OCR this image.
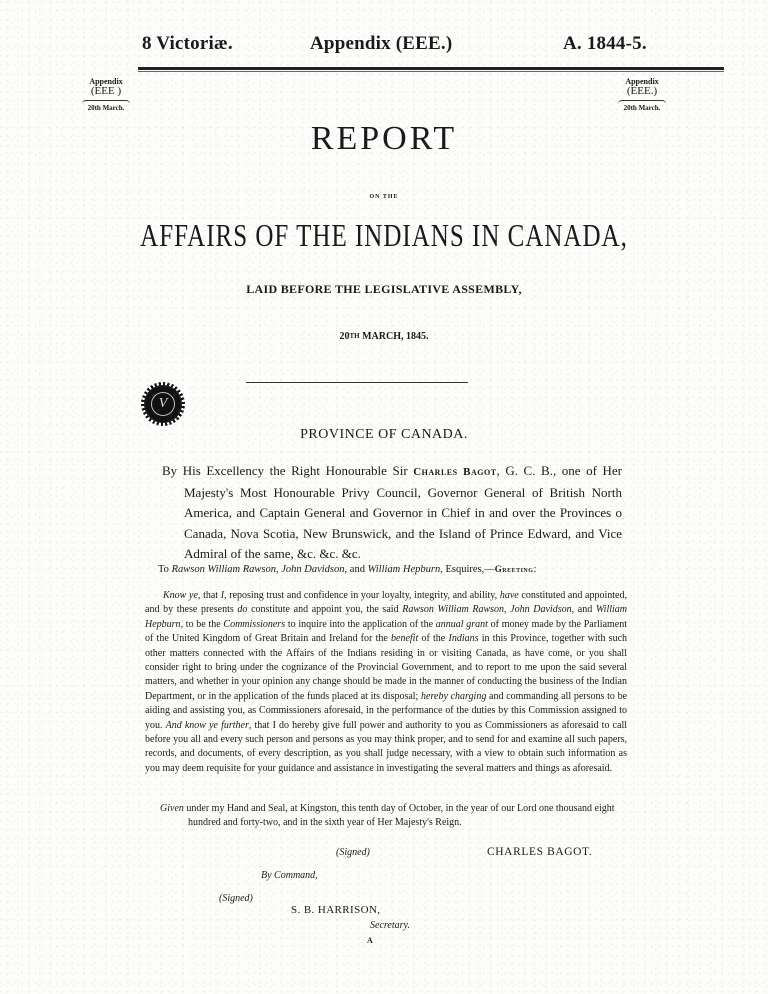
8 Victoriæ.	Appendix (EEE.)	A. 1844-5.
Appendix
(EEE )
20th March.
Appendix
(EEE.)
20th March.
REPORT
ON THE
AFFAIRS OF THE INDIANS IN CANADA,
LAID BEFORE THE LEGISLATIVE ASSEMBLY,
20TH MARCH, 1845.
V
PROVINCE OF CANADA.

By His Excellency the Right Honourable Sir Charles Bagot, G. C. B., one of Her Majesty's Most Honourable Privy Council, Governor General of British North America, and Captain General and Governor in Chief in and over the Provinces o Canada, Nova Scotia, New Brunswick, and the Island of Prince Edward, and Vice Admiral of the same, &c. &c. &c.

To Rawson William Rawson, John Davidson, and William Hepburn, Esquires,—Greeting:

Know ye, that I, reposing trust and confidence in your loyalty, integrity, and ability, have constituted and appointed, and by these presents do constitute and appoint you, the said Rawson William Rawson, John Davidson, and William Hepburn, to be the Commissioners to inquire into the application of the annual grant of money made by the Parliament of the United Kingdom of Great Britain and Ireland for the benefit of the Indians in this Province, together with such other matters connected with the Affairs of the Indians residing in or visiting Canada, as have come, or you shall consider right to bring under the cognizance of the Provincial Government, and to report to me upon the said several matters, and whether in your opinion any change should be made in the manner of conducting the business of the Indian Department, or in the application of the funds placed at its disposal; hereby charging and commanding all persons to be aiding and assisting you, as Commissioners aforesaid, in the performance of the duties by this Commission assigned to you. And know ye further, that I do hereby give full power and authority to you as Commissioners as aforesaid to call before you all and every such person and persons as you may think proper, and to send for and examine all such papers, records, and documents, of every description, as you shall judge necessary, with a view to obtain such information as you may deem requisite for your guidance and assistance in investigating the several matters and things as aforesaid.

Given under my Hand and Seal, at Kingston, this tenth day of October, in the year of our Lord one thousand eight hundred and forty-two, and in the sixth year of Her Majesty's Reign.

(Signed)	CHARLES BAGOT.
By Command,
(Signed)
S. B. HARRISON,
Secretary.
A
